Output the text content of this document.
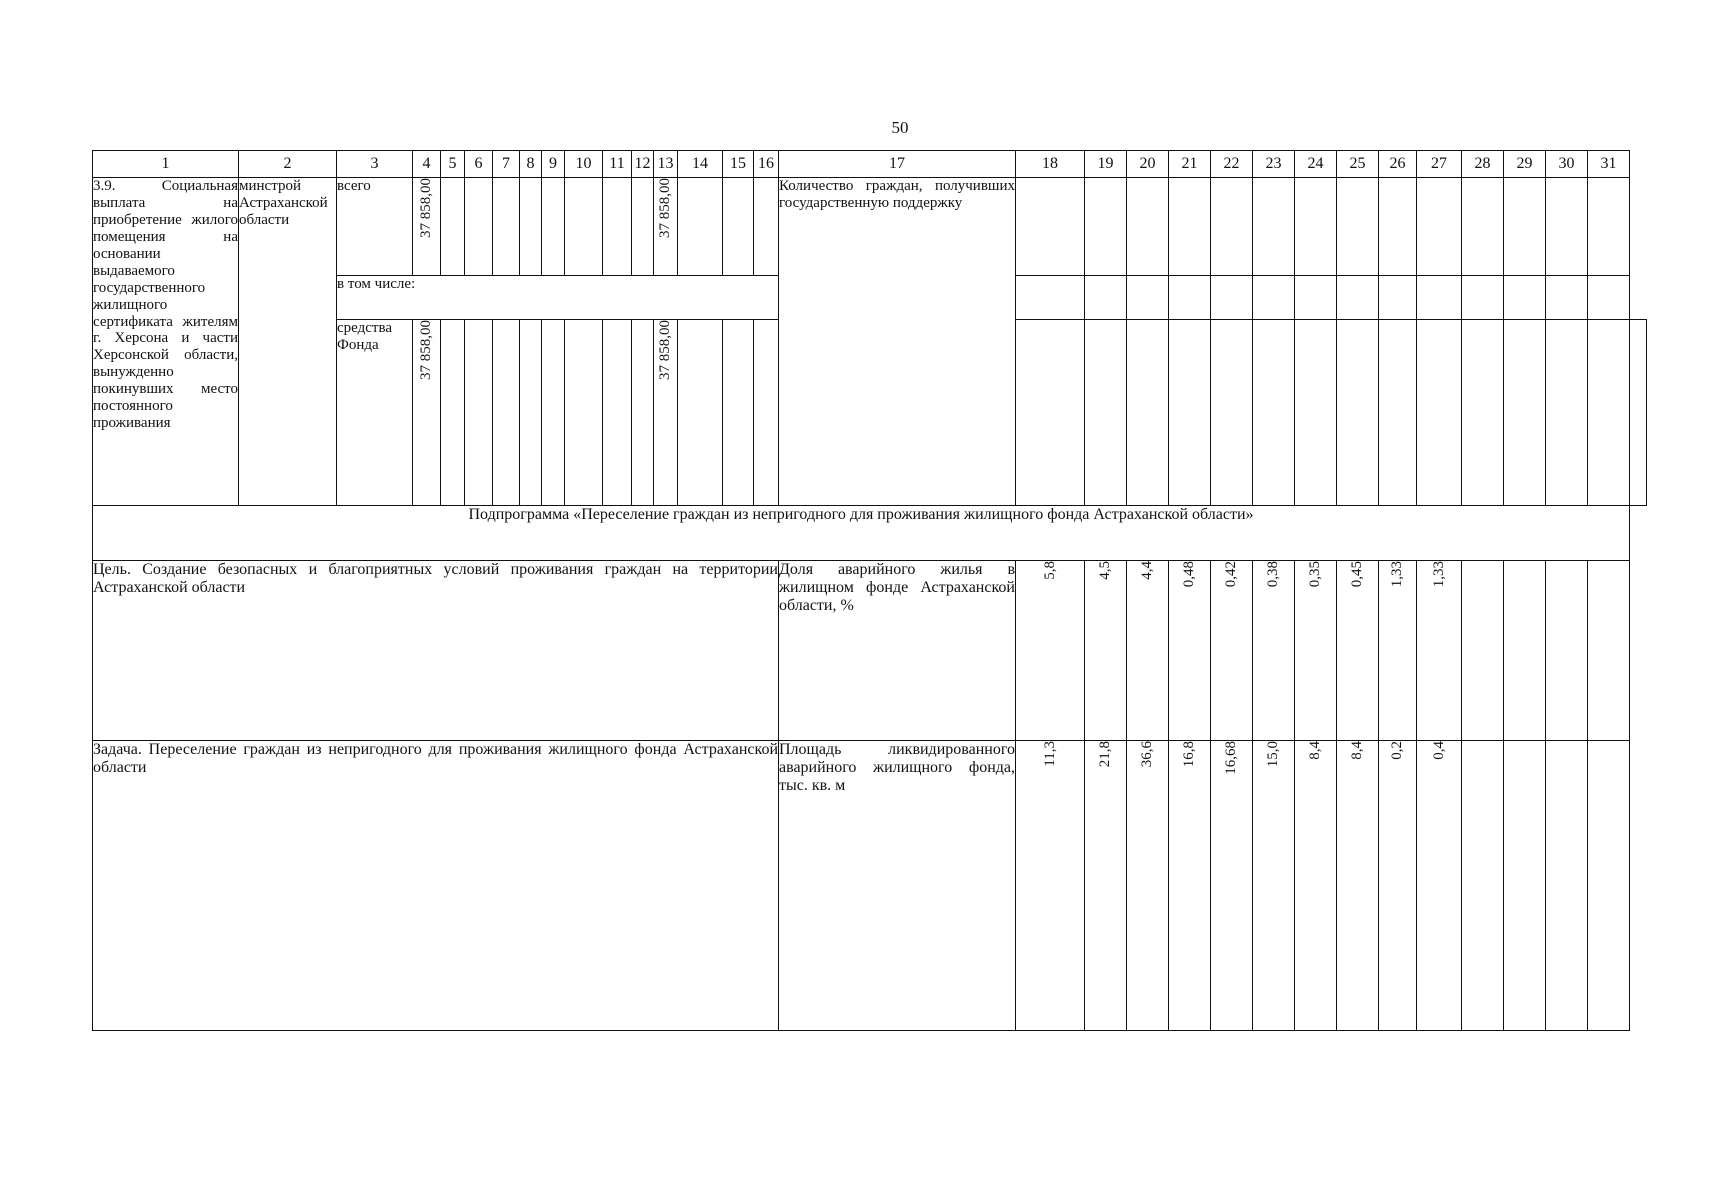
50
1	2	3	4	5	6	7	8	9	10	11	12	13	14	15	16	17	18	19	20	21	22	23	24	25	26	27	28	29	30	31	
3.9. Социальная выплата на приобретение жилого помещения на основании выдаваемого государственного жилищного сертификата жителям г. Херсона и части Херсонской области, вынужденно покинувших место постоянного проживания	минстрой Астраханской области	всего	37 858,00									37 858,00				Количество граждан, получивших государственную поддержку															
		в том числе:																													
		средства Фонда	37 858,00									37 858,00																			
Подпрограмма «Переселение граждан из непригодного для проживания жилищного фонда Астраханской области»																															
Цель. Создание безопасных и благоприятных условий проживания граждан на территории Астраханской области																Доля аварийного жилья в жилищном фонде Астраханской области, %	5,8	4,5	4,4	0,48	0,42	0,38	0,35	0,45	1,33	1,33					
Задача. Переселение граждан из непригодного для проживания жилищного фонда Астраханской области																Площадь ликвидированного аварийного жилищного фонда, тыс. кв. м	11,3	21,8	36,6	16,8	16,68	15,0	8,4	8,4	0,2	0,4					
